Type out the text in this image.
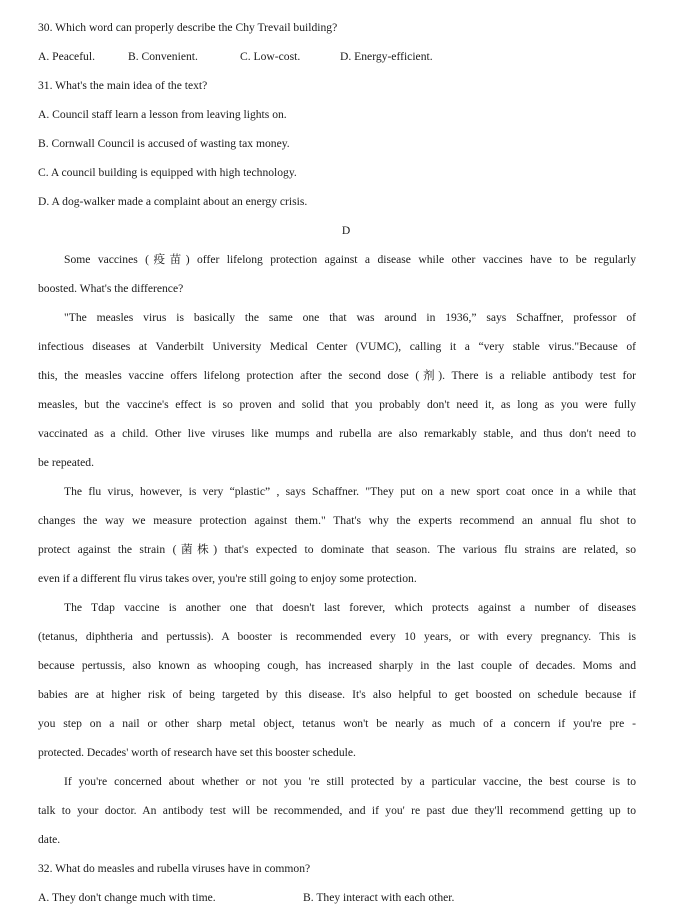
30. Which word can properly describe the Chy Trevail building?
A. Peaceful.	B. Convenient.	C. Low-cost.	D. Energy-efficient.
31. What's the main idea of the text?
A. Council staff learn a lesson from leaving lights on.
B. Cornwall Council is accused of wasting tax money.
C. A council building is equipped with high technology.
D. A dog-walker made a complaint about an energy crisis.
D
Some vaccines (疫苗) offer lifelong protection against a disease while other vaccines have to be regularly
boosted. What's the difference?
"The measles virus is basically the same one that was around in 1936,” says Schaffner, professor of
infectious diseases at Vanderbilt University Medical Center (VUMC), calling it a “very stable virus."Because of
this, the measles vaccine offers lifelong protection after the second dose (剂). There is a reliable antibody test for
measles, but the vaccine's effect is so proven and solid that you probably don't need it, as long as you were fully
vaccinated as a child. Other live viruses like mumps and rubella are also remarkably stable, and thus don't need to
be repeated.
The flu virus, however, is very “plastic” , says Schaffner. "They put on a new sport coat once in a while that
changes the way we measure protection against them." That's why the experts recommend an annual flu shot to
protect against the strain (菌株) that's expected to dominate that season. The various flu strains are related, so
even if a different flu virus takes over, you're still going to enjoy some protection.
The Tdap vaccine is another one that doesn't last forever, which protects against a number of diseases
(tetanus, diphtheria and pertussis). A booster is recommended every 10 years, or with every pregnancy. This is
because pertussis, also known as whooping cough, has increased sharply in the last couple of decades. Moms and
babies are at higher risk of being targeted by this disease. It's also helpful to get boosted on schedule because if
you step on a nail or other sharp metal object, tetanus won't be nearly as much of a concern if you're pre -
protected. Decades' worth of research have set this booster schedule.
If you're concerned about whether or not you 're still protected by a particular vaccine, the best course is to
talk to your doctor. An antibody test will be recommended, and if you' re past due they'll recommend getting up to
date.
32. What do measles and rubella viruses have in common?
A. They don't change much with time.	B. They interact with each other.
